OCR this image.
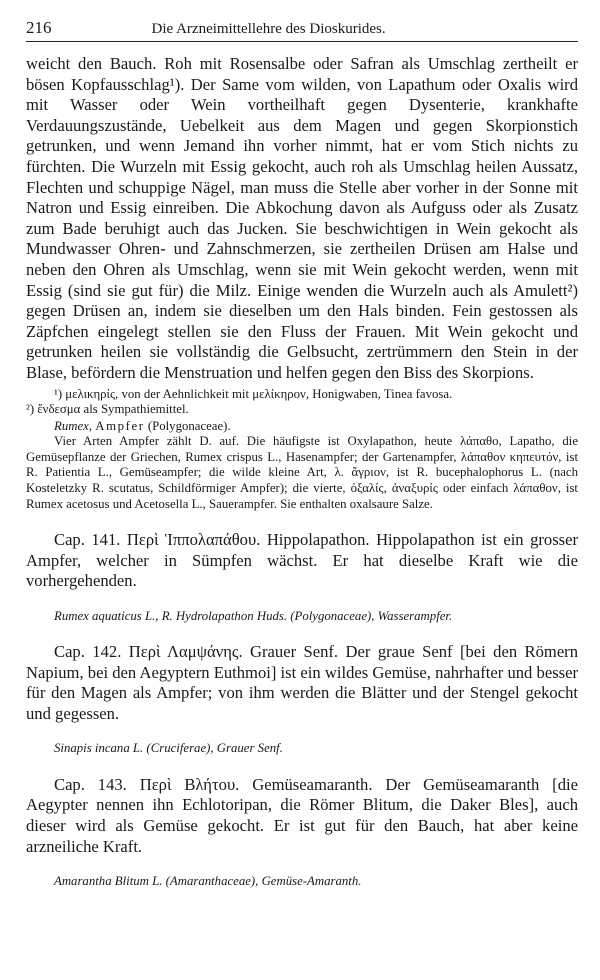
216	Die Arzneimittellehre des Dioskurides.

weicht den Bauch. Roh mit Rosensalbe oder Safran als Umschlag zertheilt er bösen Kopfausschlag¹). Der Same vom wilden, von Lapathum oder Oxalis wird mit Wasser oder Wein vortheilhaft gegen Dysenterie, krankhafte Verdauungszustände, Uebelkeit aus dem Magen und gegen Skorpionstich getrunken, und wenn Jemand ihn vorher nimmt, hat er vom Stich nichts zu fürchten. Die Wurzeln mit Essig gekocht, auch roh als Umschlag heilen Aussatz, Flechten und schuppige Nägel, man muss die Stelle aber vorher in der Sonne mit Natron und Essig einreiben. Die Abkochung davon als Aufguss oder als Zusatz zum Bade beruhigt auch das Jucken. Sie beschwichtigen in Wein gekocht als Mundwasser Ohren- und Zahnschmerzen, sie zertheilen Drüsen am Halse und neben den Ohren als Umschlag, wenn sie mit Wein gekocht werden, wenn mit Essig (sind sie gut für) die Milz. Einige wenden die Wurzeln auch als Amulett²) gegen Drüsen an, indem sie dieselben um den Hals binden. Fein gestossen als Zäpfchen eingelegt stellen sie den Fluss der Frauen. Mit Wein gekocht und getrunken heilen sie vollständig die Gelbsucht, zertrümmern den Stein in der Blase, befördern die Menstruation und helfen gegen den Biss des Skorpions.

¹) μελικηρίς, von der Aehnlichkeit mit μελίκηρον, Honigwaben, Tinea favosa.

²) ἔνδεσμα als Sympathiemittel.

Rumex, Ampfer (Polygonaceae).

Vier Arten Ampfer zählt D. auf. Die häufigste ist Oxylapathon, heute λάπαθο, Lapatho, die Gemüsepflanze der Griechen, Rumex crispus L., Hasenampfer; der Gartenampfer, λάπαθον κηπευτόν, ist R. Patientia L., Gemüseampfer; die wilde kleine Art, λ. ἄγριον, ist R. bucephalophorus L. (nach Kosteletzky R. scutatus, Schildförmiger Ampfer); die vierte, ὀξαλίς, ἀναξυρίς oder einfach λάπαθον, ist Rumex acetosus und Acetosella L., Sauerampfer. Sie enthalten oxalsaure Salze.

Cap. 141. Περὶ Ἱππολαπάθου. Hippolapathon. Hippolapathon ist ein grosser Ampfer, welcher in Sümpfen wächst. Er hat dieselbe Kraft wie die vorhergehenden.

Rumex aquaticus L., R. Hydrolapathon Huds. (Polygonaceae), Wasserampfer.

Cap. 142. Περὶ Λαμψάνης. Grauer Senf. Der graue Senf [bei den Römern Napium, bei den Aegyptern Euthmoi] ist ein wildes Gemüse, nahrhafter und besser für den Magen als Ampfer; von ihm werden die Blätter und der Stengel gekocht und gegessen.

Sinapis incana L. (Cruciferae), Grauer Senf.

Cap. 143. Περὶ Βλήτου. Gemüseamaranth. Der Gemüseamaranth [die Aegypter nennen ihn Echlotoripan, die Römer Blitum, die Daker Bles], auch dieser wird als Gemüse gekocht. Er ist gut für den Bauch, hat aber keine arzneiliche Kraft.

Amarantha Blitum L. (Amaranthaceae), Gemüse-Amaranth.
